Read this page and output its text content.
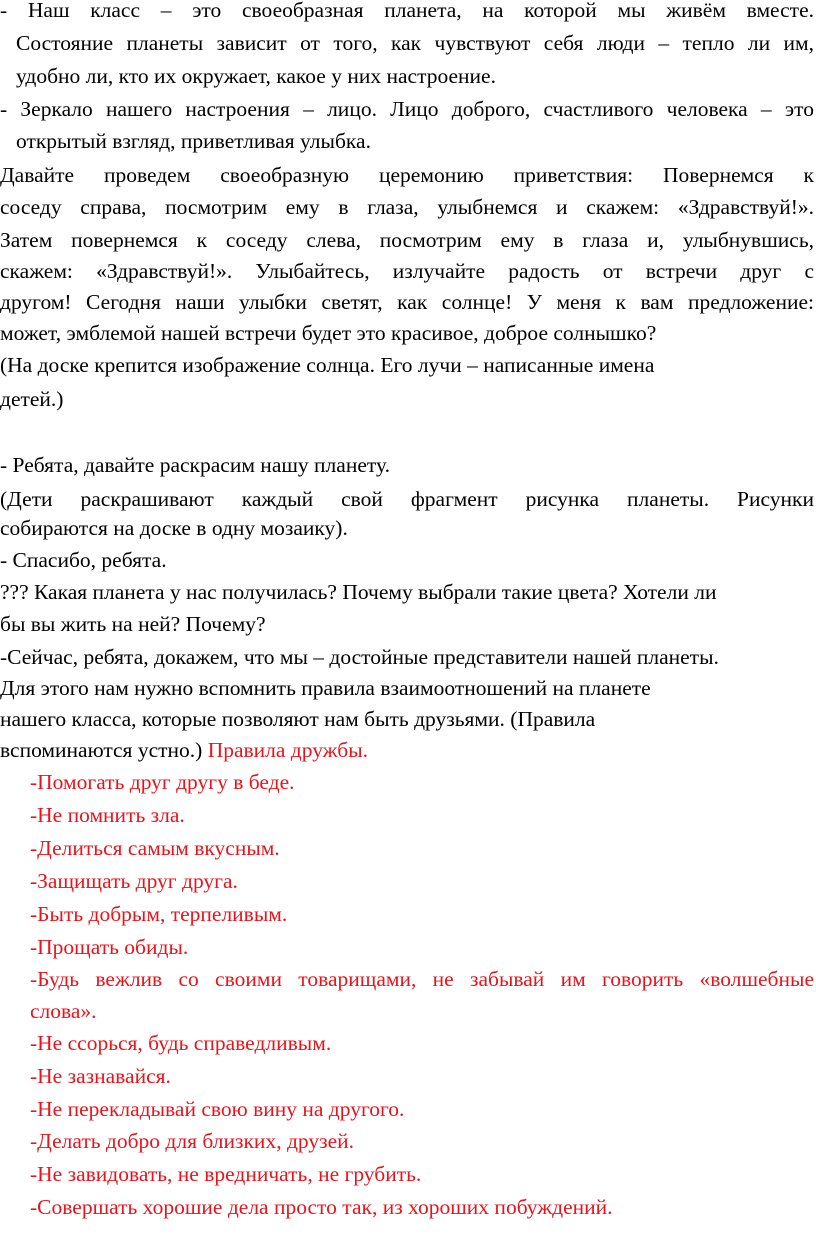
- Наш класс – это своеобразная планета, на которой мы живём вместе.
Состояние планеты зависит от того, как чувствуют себя люди – тепло ли им,
удобно ли, кто их окружает, какое у них настроение.
- Зеркало нашего настроения – лицо. Лицо доброго, счастливого человека – это
открытый взгляд, приветливая улыбка.
Давайте проведем своеобразную церемонию приветствия: Повернемся к
соседу справа, посмотрим ему в глаза, улыбнемся и скажем: «Здравствуй!».
Затем повернемся к соседу слева, посмотрим ему в глаза и, улыбнувшись,
скажем: «Здравствуй!». Улыбайтесь, излучайте радость от встречи друг с
другом! Сегодня наши улыбки светят, как солнце! У меня к вам предложение:
может, эмблемой нашей встречи будет это красивое, доброе солнышко?
(На доске крепится изображение солнца. Его лучи – написанные имена
детей.)
- Ребята, давайте раскрасим нашу планету.
(Дети раскрашивают каждый свой фрагмент рисунка планеты. Рисунки
собираются на доске в одну мозаику).
- Спасибо, ребята.
??? Какая планета у нас получилась? Почему выбрали такие цвета? Хотели ли
бы вы жить на ней? Почему?
-Сейчас, ребята, докажем, что мы – достойные представители нашей планеты.
Для этого нам нужно вспомнить правила взаимоотношений на планете
нашего класса, которые позволяют нам быть друзьями. (Правила
вспоминаются устно.) Правила дружбы.
-Помогать друг другу в беде.
-Не помнить зла.
-Делиться самым вкусным.
-Защищать друг друга.
-Быть добрым, терпеливым.
-Прощать обиды.
-Будь вежлив со своими товарищами, не забывай им говорить «волшебные
слова».
-Не ссорься, будь справедливым.
-Не зазнавайся.
-Не перекладывай свою вину на другого.
-Делать добро для близких, друзей.
-Не завидовать, не вредничать, не грубить.
-Совершать хорошие дела просто так, из хороших побуждений.
